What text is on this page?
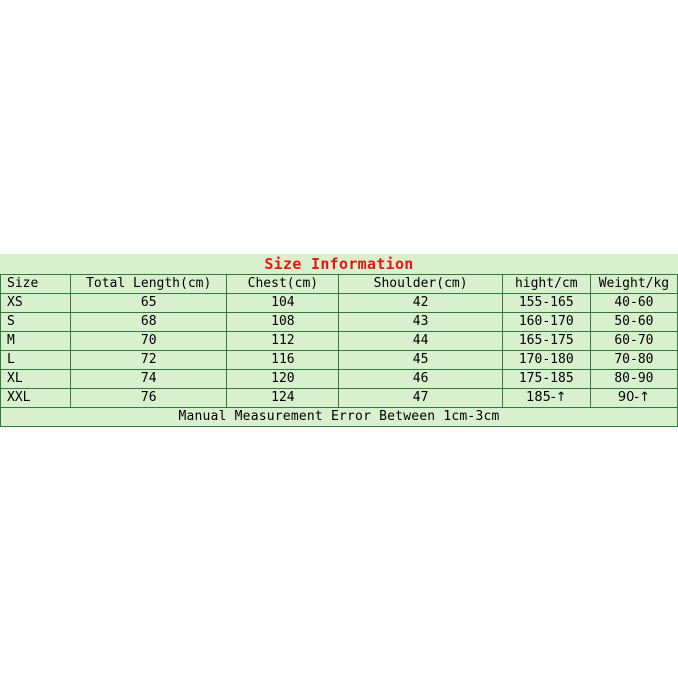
Size Information
Size	Total Length(cm)	Chest(cm)	Shoulder(cm)	hight/cm	Weight/kg
XS	65	104	42	155-165	40-60
S	68	108	43	160-170	50-60
M	70	112	44	165-175	60-70
L	72	116	45	170-180	70-80
XL	74	120	46	175-185	80-90
XXL	76	124	47	185-↑	90-↑
Manual Measurement Error Between 1cm-3cm					
